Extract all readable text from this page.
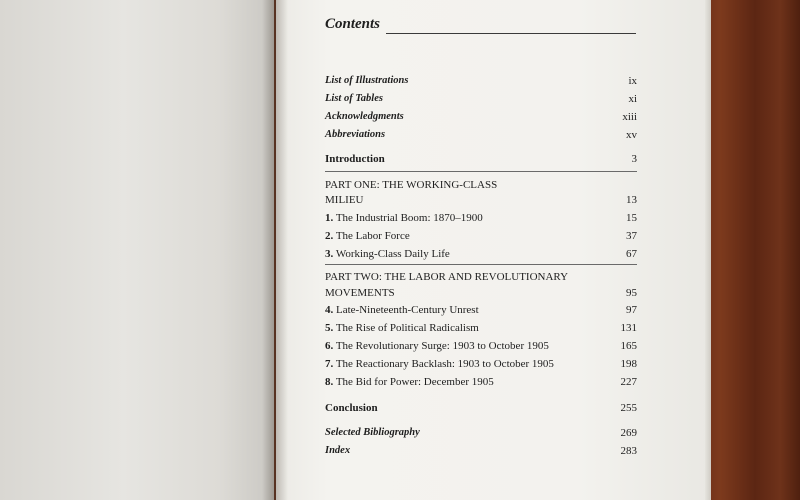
Contents
List of Illustrations	ix
List of Tables	xi
Acknowledgments	xiii
Abbreviations	xv
Introduction	3
PART ONE: THE WORKING-CLASS
MILIEU	13
1. The Industrial Boom: 1870–1900	15
2. The Labor Force	37
3. Working-Class Daily Life	67
PART TWO: THE LABOR AND REVOLUTIONARY
MOVEMENTS	95
4. Late-Nineteenth-Century Unrest	97
5. The Rise of Political Radicalism	131
6. The Revolutionary Surge: 1903 to October 1905	165
7. The Reactionary Backlash: 1903 to October 1905	198
8. The Bid for Power: December 1905	227
Conclusion	255
Selected Bibliography	269
Index	283
